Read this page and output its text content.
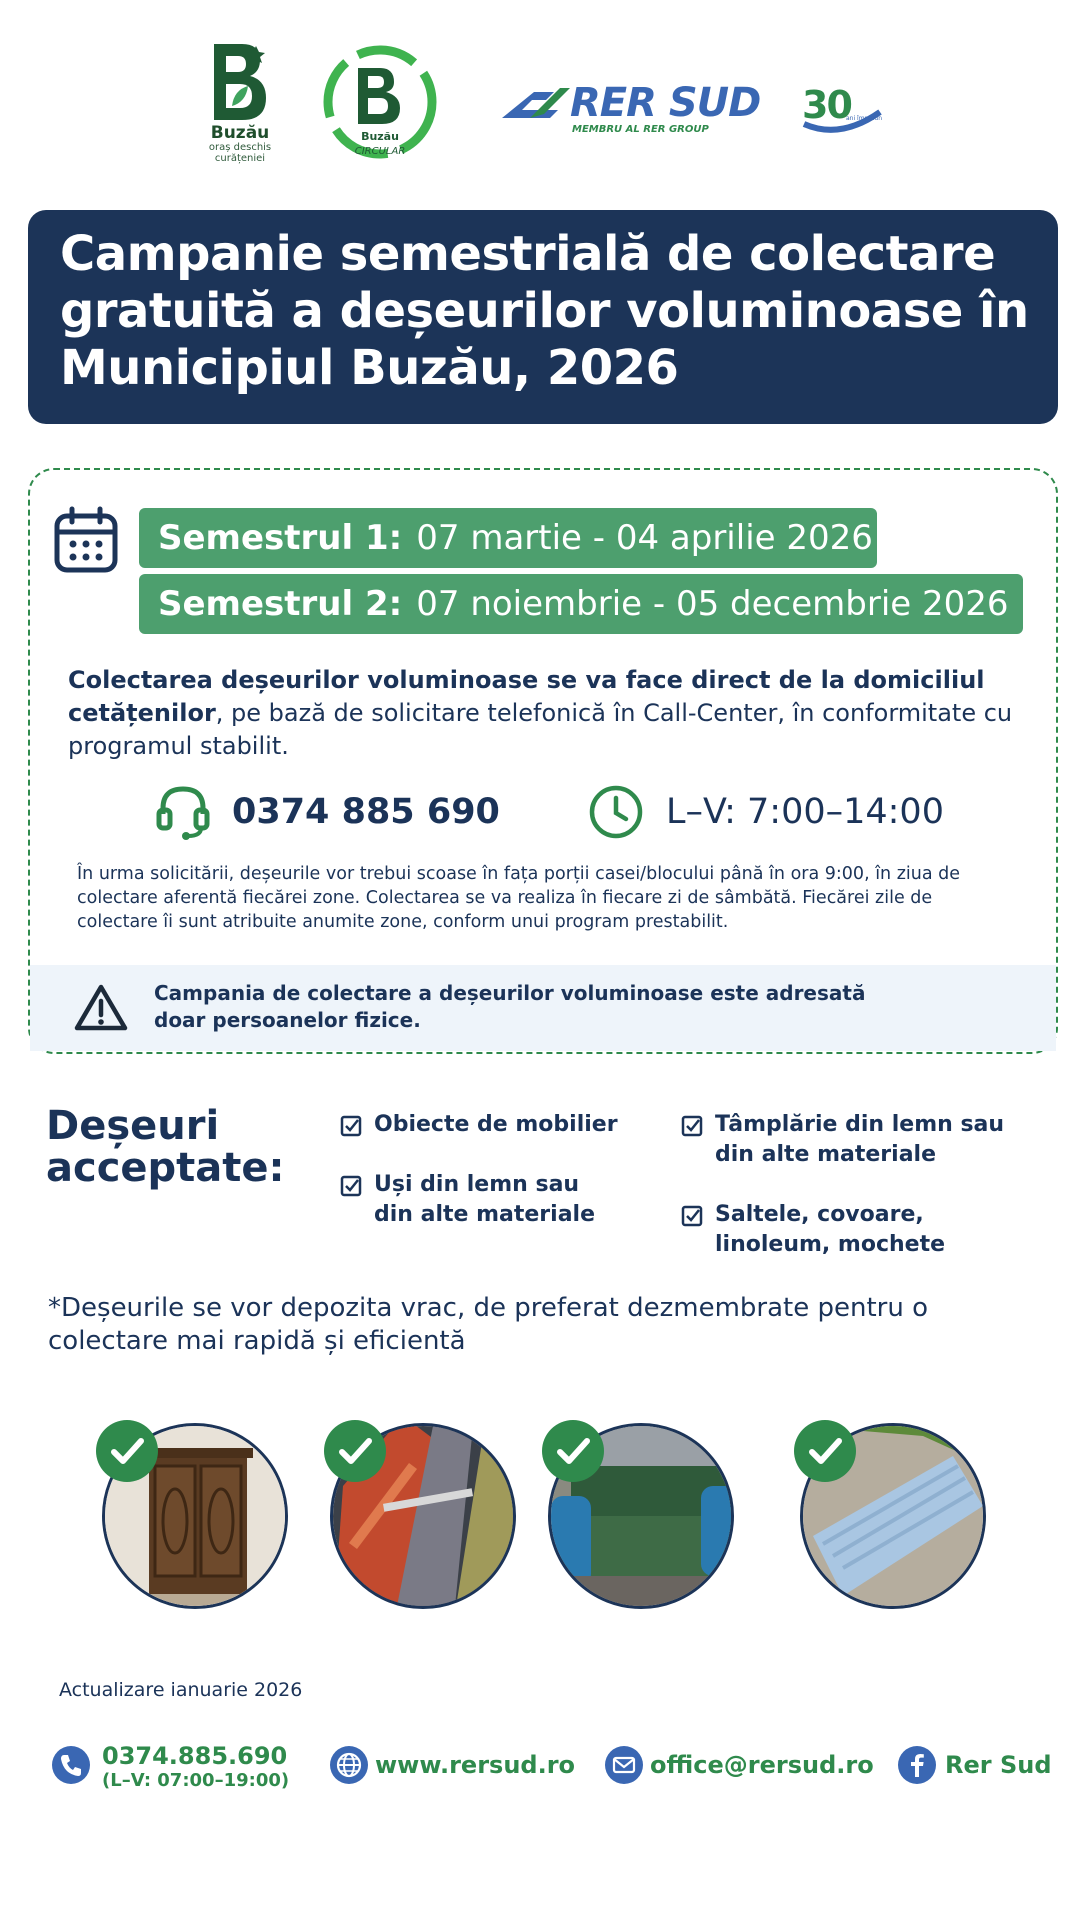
Buzău
oraș deschis
curățeniei
Buzău
CIRCULAR
RER SUD
MEMBRU AL RER GROUP
30
ani împreună
Campanie semestrială de colectare gratuită a deșeurilor voluminoase în Municipiul Buzău, 2026
Semestrul 1: 07 martie - 04 aprilie 2026
Semestrul 2: 07 noiembrie - 05 decembrie 2026
Colectarea deșeurilor voluminoase se va face direct de la domiciliul cetățenilor, pe bază de solicitare telefonică în Call-Center, în conformitate cu programul stabilit.
0374 885 690	L–V: 7:00–14:00
În urma solicitării, deșeurile vor trebui scoase în fața porții casei/blocului până în ora 9:00, în ziua de colectare aferentă fiecărei zone. Colectarea se va realiza în fiecare zi de sâmbătă. Fiecărei zile de colectare îi sunt atribuite anumite zone, conform unui program prestabilit.
Campania de colectare a deșeurilor voluminoase este adresată doar persoanelor fizice.
Deșeuri
acceptate:
Obiecte de mobilier
Uși din lemn sau din alte materiale
Tâmplărie din lemn sau din alte materiale
Saltele, covoare, linoleum, mochete
*Deșeurile se vor depozita vrac, de preferat dezmembrate pentru o colectare mai rapidă și eficientă
Actualizare ianuarie 2026
0374.885.690
(L–V: 07:00–19:00)
www.rersud.ro	office@rersud.ro	Rer Sud
